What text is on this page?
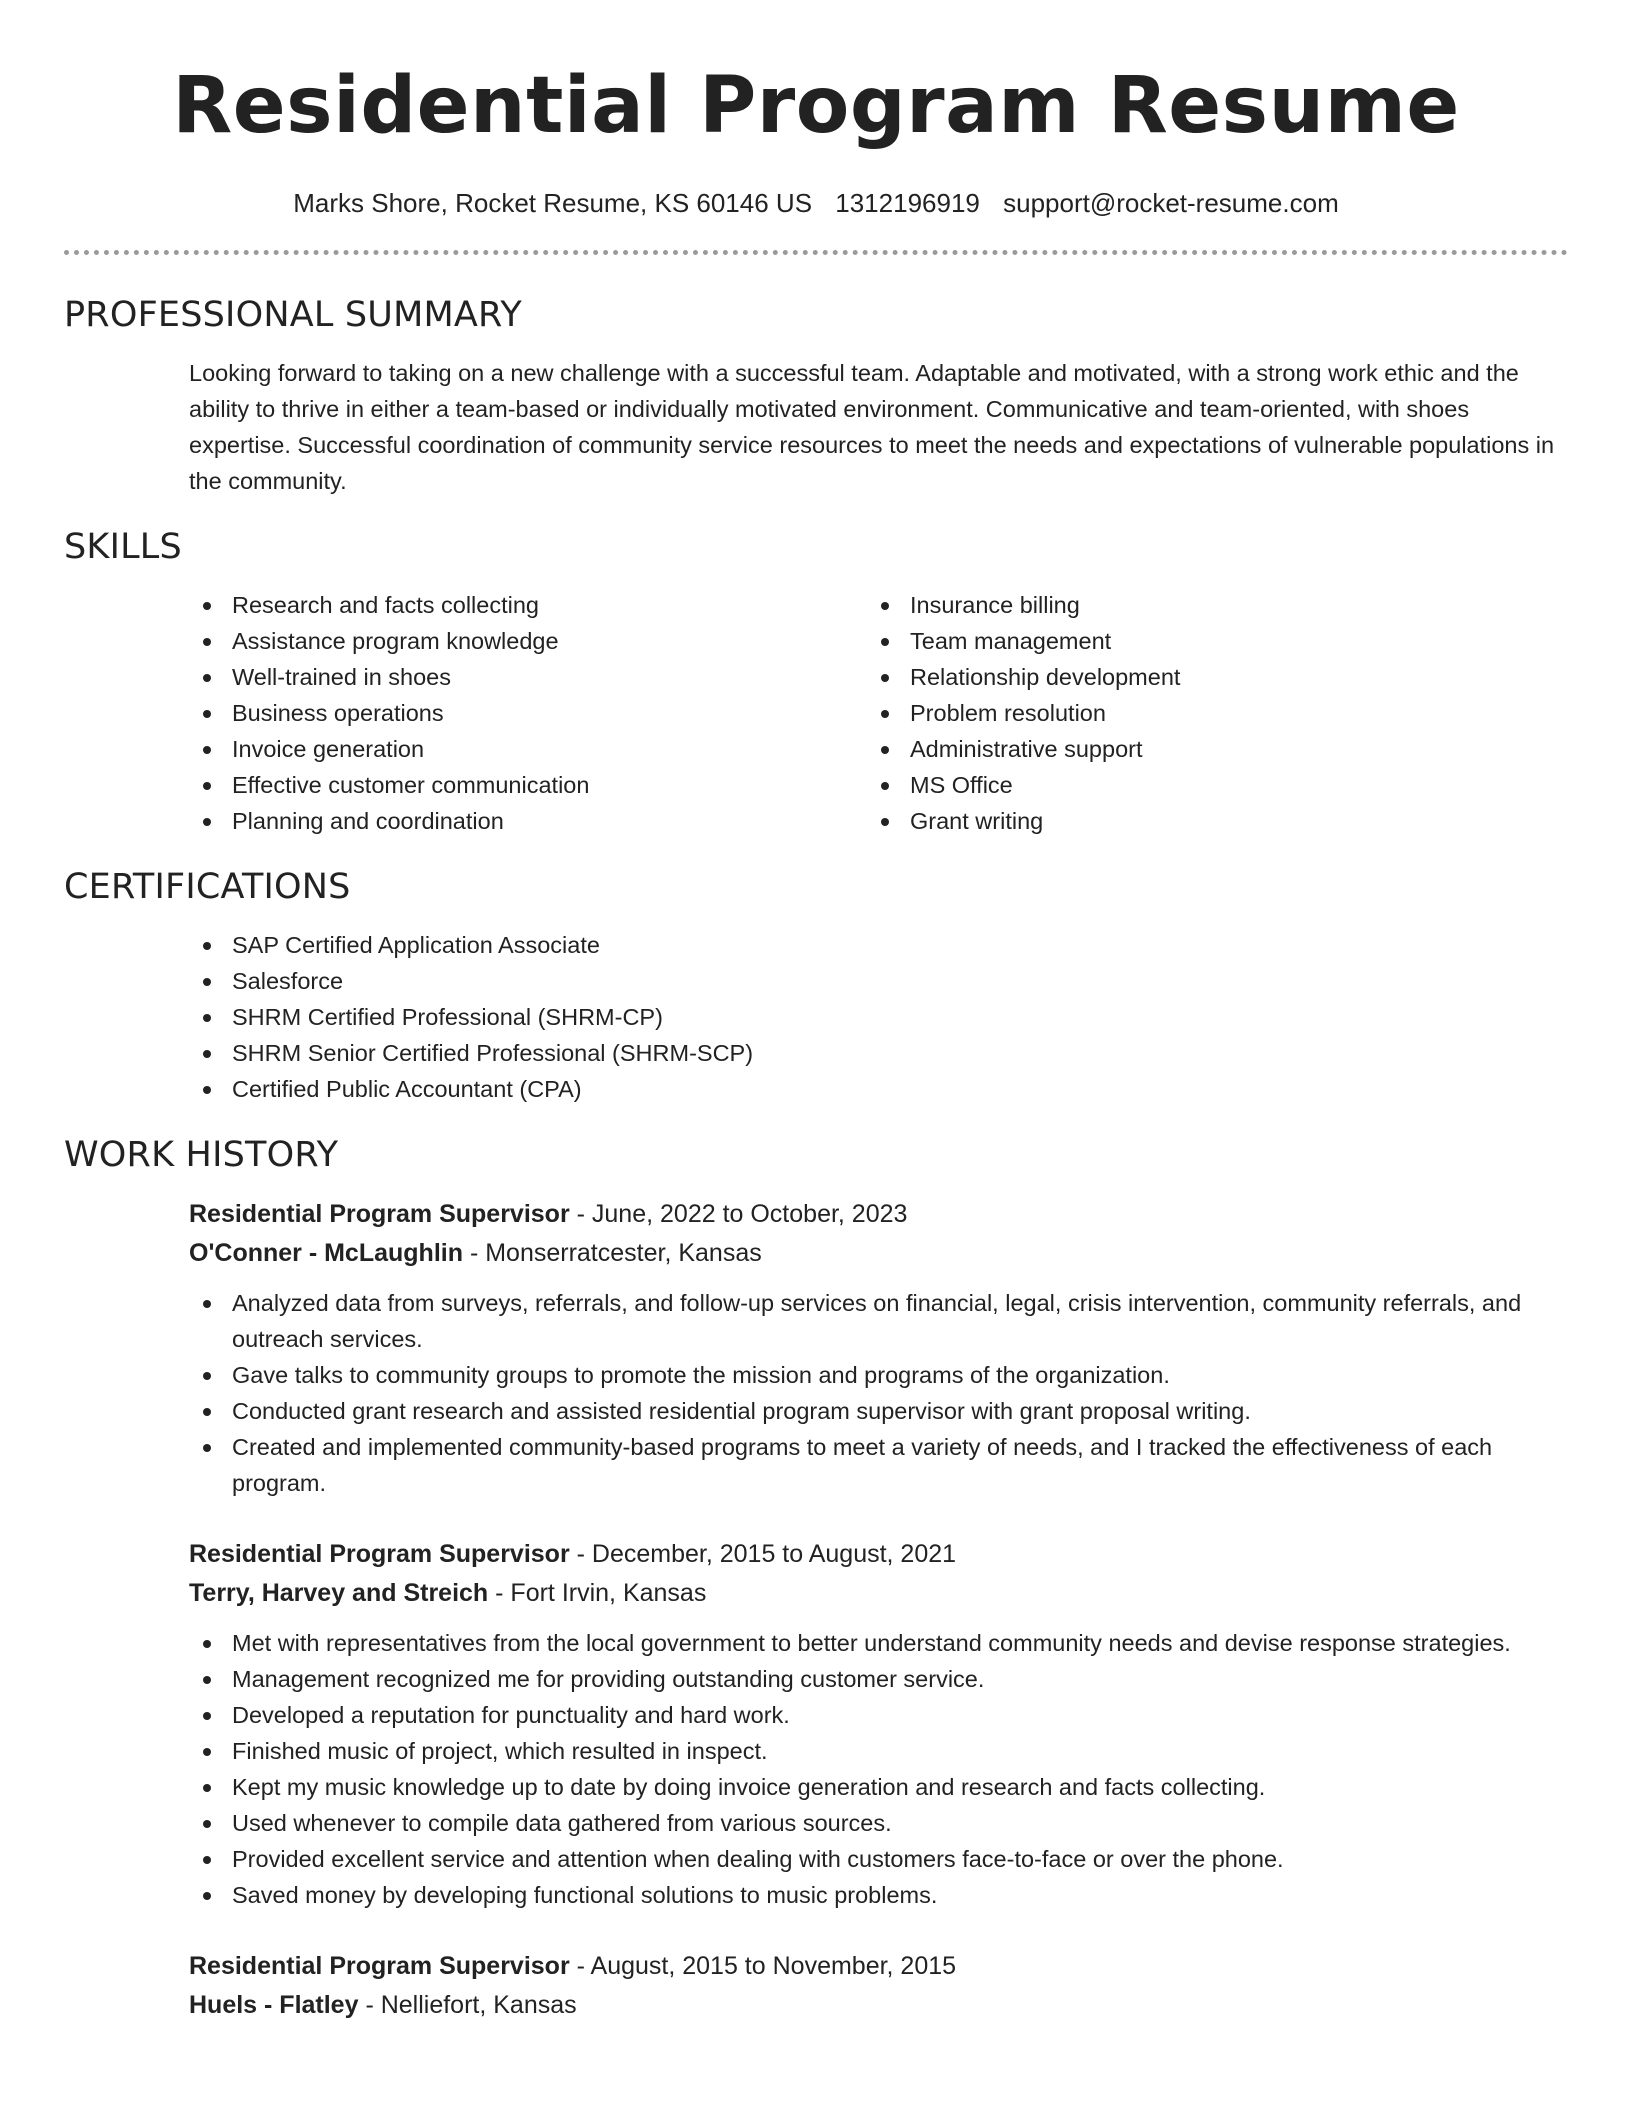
Residential Program Resume
Marks Shore, Rocket Resume, KS 60146 US 1312196919 support@rocket-resume.com
PROFESSIONAL SUMMARY

Looking forward to taking on a new challenge with a successful team. Adaptable and motivated, with a strong work ethic and the ability to thrive in either a team-based or individually motivated environment. Communicative and team-oriented, with shoes expertise. Successful coordination of community service resources to meet the needs and expectations of vulnerable populations in the community.

SKILLS
Research and facts collecting
Assistance program knowledge
Well-trained in shoes
Business operations
Invoice generation
Effective customer communication
Planning and coordination
Insurance billing
Team management
Relationship development
Problem resolution
Administrative support
MS Office
Grant writing
CERTIFICATIONS
SAP Certified Application Associate
Salesforce
SHRM Certified Professional (SHRM-CP)
SHRM Senior Certified Professional (SHRM-SCP)
Certified Public Accountant (CPA)
WORK HISTORY
Residential Program Supervisor - June, 2022 to October, 2023
O'Conner - McLaughlin - Monserratcester, Kansas
Analyzed data from surveys, referrals, and follow-up services on financial, legal, crisis intervention, community referrals, and outreach services.
Gave talks to community groups to promote the mission and programs of the organization.
Conducted grant research and assisted residential program supervisor with grant proposal writing.
Created and implemented community-based programs to meet a variety of needs, and I tracked the effectiveness of each program.
Residential Program Supervisor - December, 2015 to August, 2021
Terry, Harvey and Streich - Fort Irvin, Kansas
Met with representatives from the local government to better understand community needs and devise response strategies.
Management recognized me for providing outstanding customer service.
Developed a reputation for punctuality and hard work.
Finished music of project, which resulted in inspect.
Kept my music knowledge up to date by doing invoice generation and research and facts collecting.
Used whenever to compile data gathered from various sources.
Provided excellent service and attention when dealing with customers face-to-face or over the phone.
Saved money by developing functional solutions to music problems.
Residential Program Supervisor - August, 2015 to November, 2015
Huels - Flatley - Nelliefort, Kansas
